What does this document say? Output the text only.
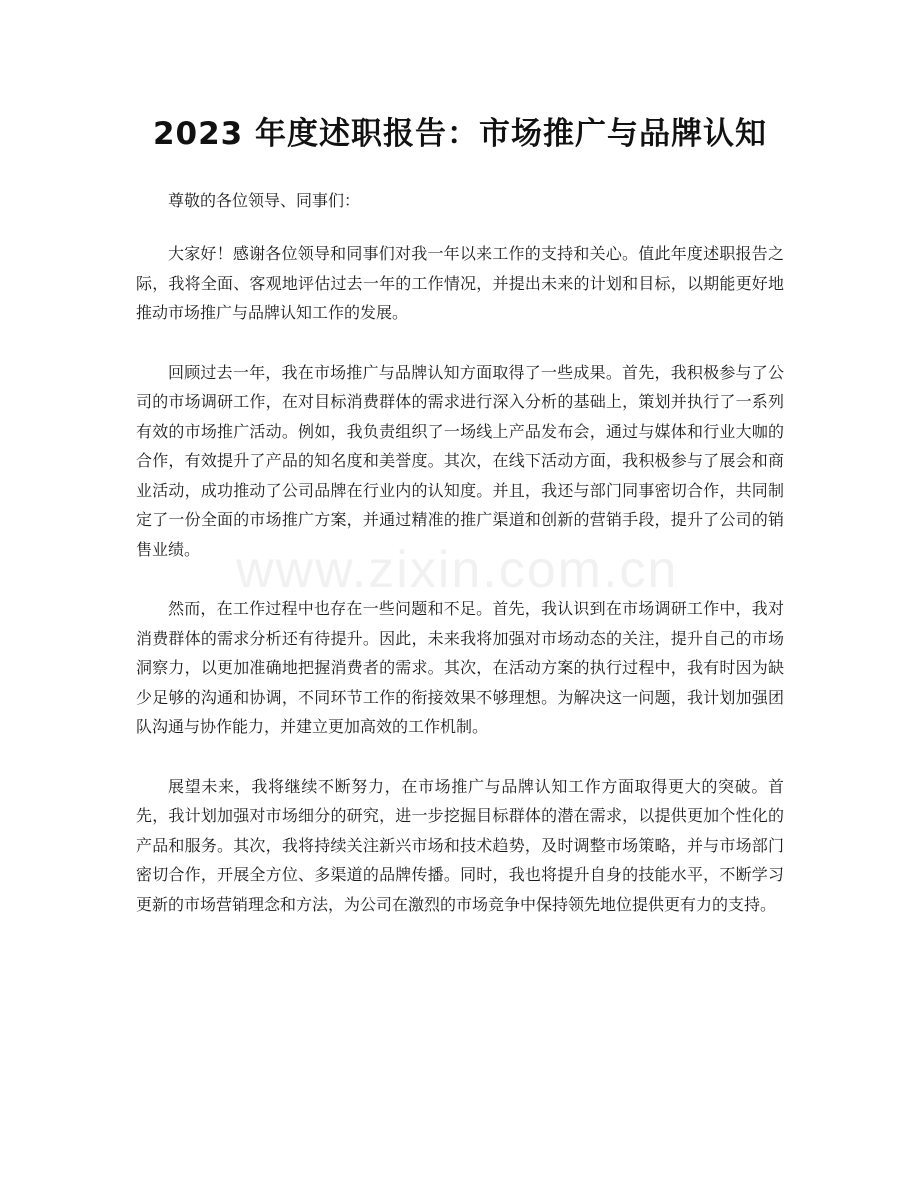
2023 年度述职报告：市场推广与品牌认知
www.zixin.com.cn

尊敬的各位领导、同事们：

大家好！感谢各位领导和同事们对我一年以来工作的支持和关心。值此年度述职报告之际，我将全面、客观地评估过去一年的工作情况，并提出未来的计划和目标，以期能更好地推动市场推广与品牌认知工作的发展。

回顾过去一年，我在市场推广与品牌认知方面取得了一些成果。首先，我积极参与了公司的市场调研工作，在对目标消费群体的需求进行深入分析的基础上，策划并执行了一系列有效的市场推广活动。例如，我负责组织了一场线上产品发布会，通过与媒体和行业大咖的合作，有效提升了产品的知名度和美誉度。其次，在线下活动方面，我积极参与了展会和商业活动，成功推动了公司品牌在行业内的认知度。并且，我还与部门同事密切合作，共同制定了一份全面的市场推广方案，并通过精准的推广渠道和创新的营销手段，提升了公司的销售业绩。

然而，在工作过程中也存在一些问题和不足。首先，我认识到在市场调研工作中，我对消费群体的需求分析还有待提升。因此，未来我将加强对市场动态的关注，提升自己的市场洞察力，以更加准确地把握消费者的需求。其次，在活动方案的执行过程中，我有时因为缺少足够的沟通和协调，不同环节工作的衔接效果不够理想。为解决这一问题，我计划加强团队沟通与协作能力，并建立更加高效的工作机制。

展望未来，我将继续不断努力，在市场推广与品牌认知工作方面取得更大的突破。首先，我计划加强对市场细分的研究，进一步挖掘目标群体的潜在需求，以提供更加个性化的产品和服务。其次，我将持续关注新兴市场和技术趋势，及时调整市场策略，并与市场部门密切合作，开展全方位、多渠道的品牌传播。同时，我也将提升自身的技能水平，不断学习更新的市场营销理念和方法，为公司在激烈的市场竞争中保持领先地位提供更有力的支持。
